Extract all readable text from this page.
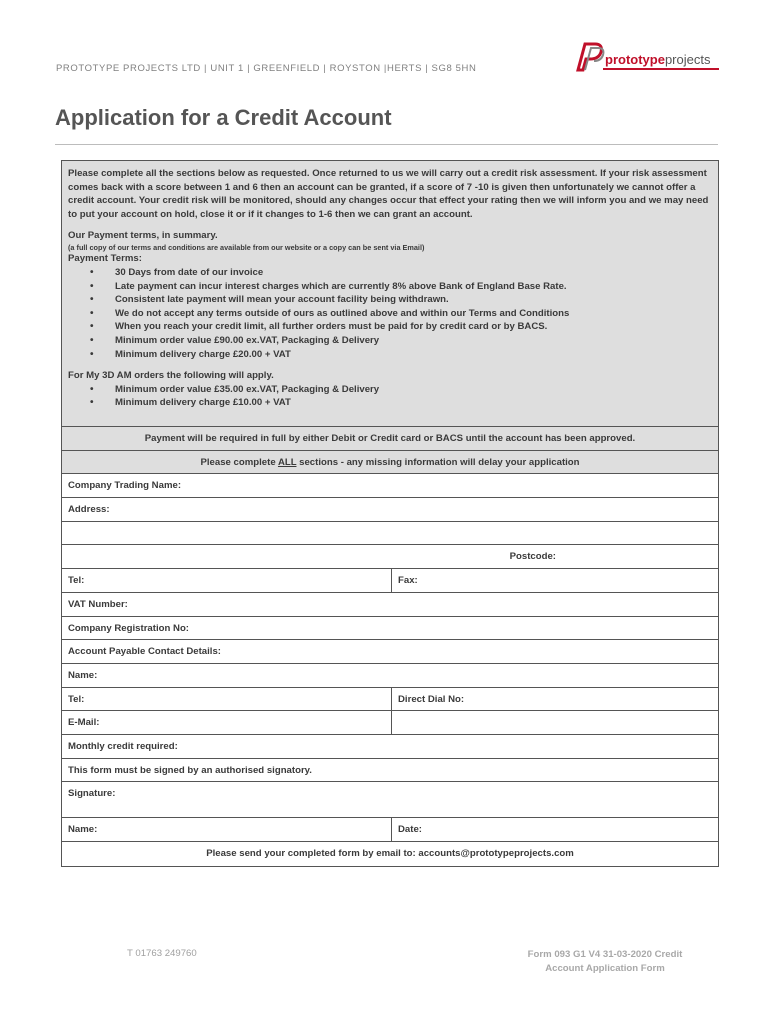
PROTOTYPE PROJECTS LTD | UNIT 1 | GREENFIELD | ROYSTON |HERTS | SG8 5HN
prototypeprojects
Application for a Credit Account

Please complete all the sections below as requested. Once returned to us we will carry out a credit risk assessment. If your risk assessment comes back with a score between 1 and 6 then an account can be granted, if a score of 7 -10 is given then unfortunately we cannot offer a credit account. Your credit risk will be monitored, should any changes occur that effect your rating then we will inform you and we may need to put your account on hold, close it or if it changes to 1-6 then we can grant an account.

Our Payment terms, in summary.

(a full copy of our terms and conditions are available from our website or a copy can be sent via Email)

Payment Terms:

• 30 Days from date of our invoice
• Late payment can incur interest charges which are currently 8% above Bank of England Base Rate.
• Consistent late payment will mean your account facility being withdrawn.
• We do not accept any terms outside of ours as outlined above and within our Terms and Conditions
• When you reach your credit limit, all further orders must be paid for by credit card or by BACS.
• Minimum order value £90.00 ex.VAT, Packaging & Delivery
• Minimum delivery charge £20.00 + VAT

For My 3D AM orders the following will apply.

• Minimum order value £35.00 ex.VAT, Packaging & Delivery
• Minimum delivery charge £10.00 + VAT
Payment will be required in full by either Debit or Credit card or BACS until the account has been approved.
Please complete ALL sections - any missing information will delay your application
Company Trading Name:
Address:
Postcode:
Tel:	Fax:
VAT Number:
Company Registration No:
Account Payable Contact Details:
Name:
Tel:	Direct Dial No:
E-Mail:
Monthly credit required:
This form must be signed by an authorised signatory.
Signature:
Name:	Date:
Please send your completed form by email to: accounts@prototypeprojects.com
T 01763 249760	Form 093 G1 V4 31-03-2020 Credit
Account Application Form
